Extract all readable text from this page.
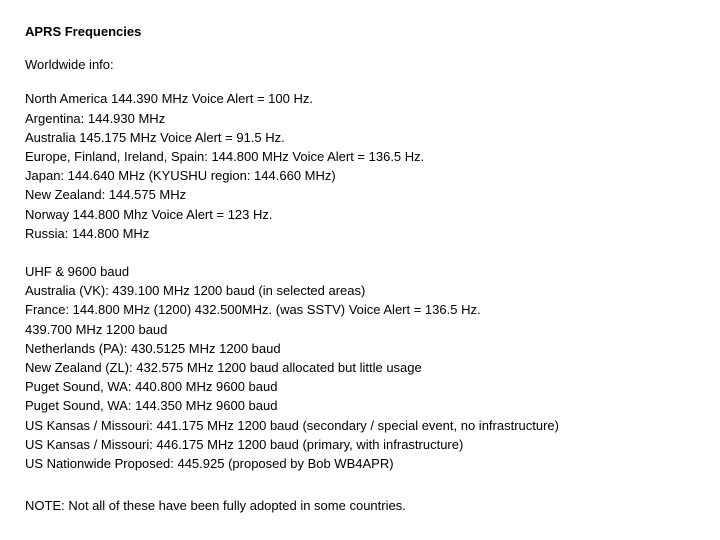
APRS Frequencies
Worldwide info:
North America 144.390 MHz Voice Alert = 100 Hz.
Argentina: 144.930 MHz
Australia 145.175 MHz Voice Alert = 91.5 Hz.
Europe, Finland, Ireland, Spain: 144.800 MHz Voice Alert = 136.5 Hz.
Japan: 144.640 MHz (KYUSHU region: 144.660 MHz)
New Zealand: 144.575 MHz
Norway 144.800 Mhz Voice Alert = 123 Hz.
Russia: 144.800 MHz
UHF & 9600 baud
Australia (VK): 439.100 MHz 1200 baud (in selected areas)
France: 144.800 MHz (1200) 432.500MHz. (was SSTV) Voice Alert = 136.5 Hz.
439.700 MHz 1200 baud
Netherlands (PA): 430.5125 MHz 1200 baud
New Zealand (ZL): 432.575 MHz 1200 baud allocated but little usage
Puget Sound, WA: 440.800 MHz 9600 baud
Puget Sound, WA: 144.350 MHz 9600 baud
US Kansas / Missouri: 441.175 MHz 1200 baud (secondary / special event, no infrastructure)
US Kansas / Missouri: 446.175 MHz 1200 baud (primary, with infrastructure)
US Nationwide Proposed: 445.925 (proposed by Bob WB4APR)
NOTE: Not all of these have been fully adopted in some countries.
